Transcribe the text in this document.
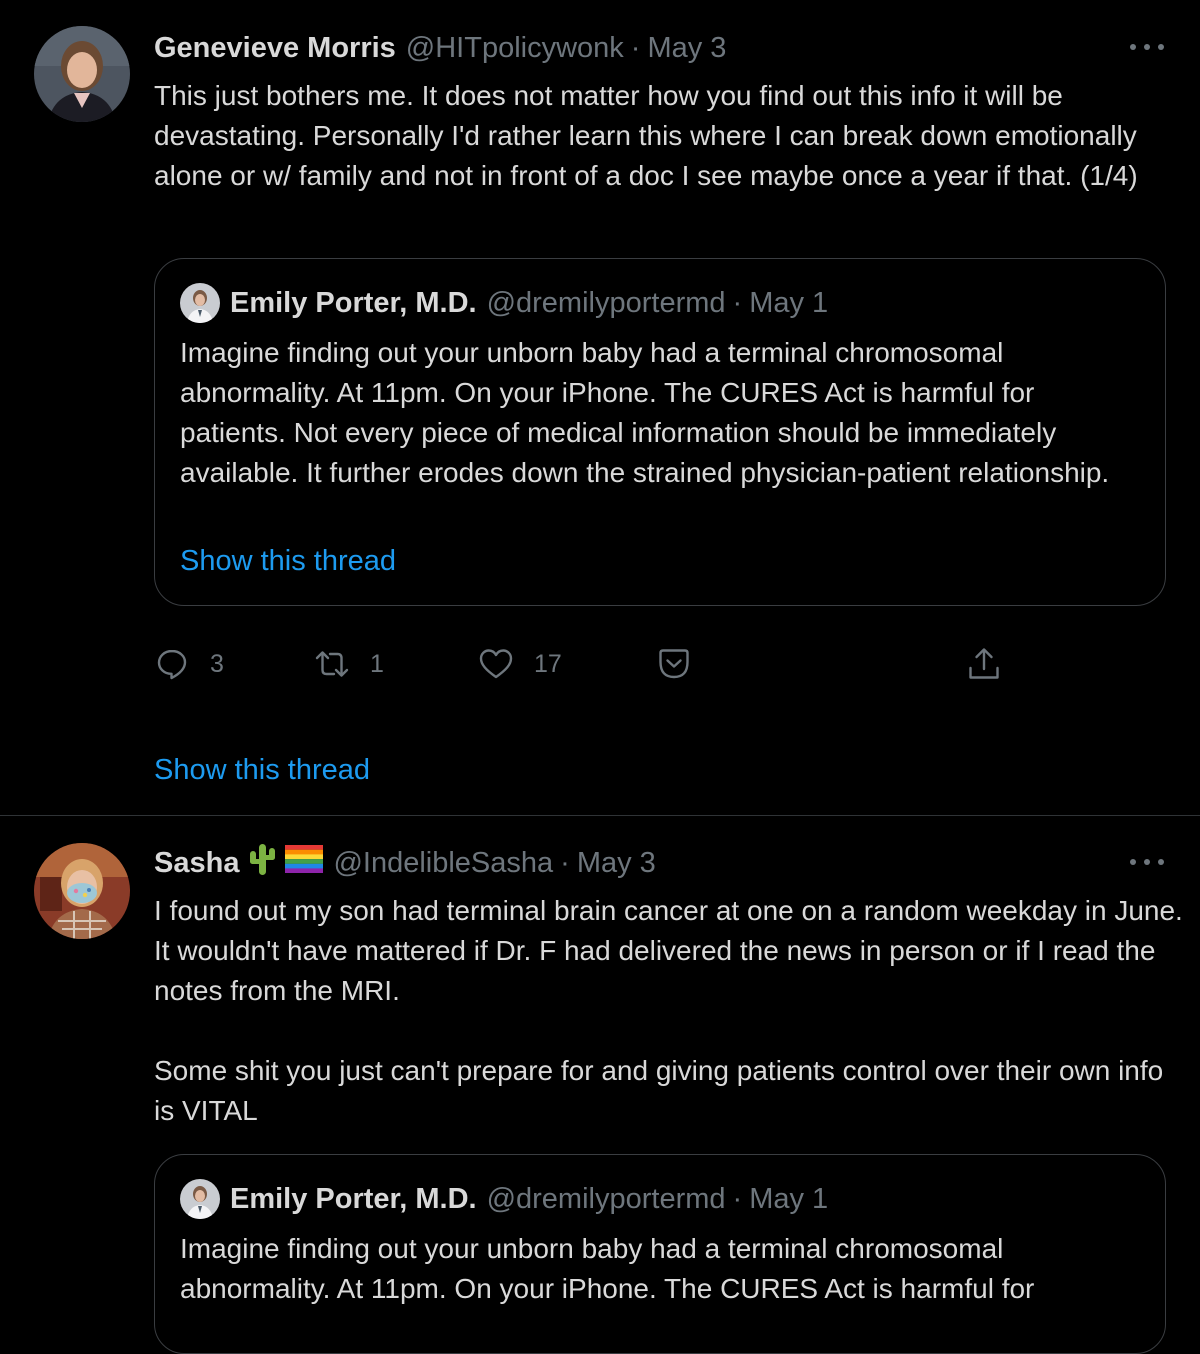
Genevieve Morris @HITpolicywonk · May 3

This just bothers me. It does not matter how you find out this info it will be devastating. Personally I'd rather learn this where I can break down emotionally alone or w/ family and not in front of a doc I see maybe once a year if that. (1/4)

Emily Porter, M.D. @dremilyportermd · May 1

Imagine finding out your unborn baby had a terminal chromosomal abnormality. At 11pm. On your iPhone. The CURES Act is harmful for patients. Not every piece of medical information should be immediately available. It further erodes down the strained physician-patient relationship.

Show this thread
3	1	17
Show this thread
Sasha	@IndelibleSasha · May 3

I found out my son had terminal brain cancer at one on a random weekday in June. It wouldn't have mattered if Dr. F had delivered the news in person or if I read the notes from the MRI.

Some shit you just can't prepare for and giving patients control over their own info is VITAL

Emily Porter, M.D. @dremilyportermd · May 1

Imagine finding out your unborn baby had a terminal chromosomal abnormality. At 11pm. On your iPhone. The CURES Act is harmful for
